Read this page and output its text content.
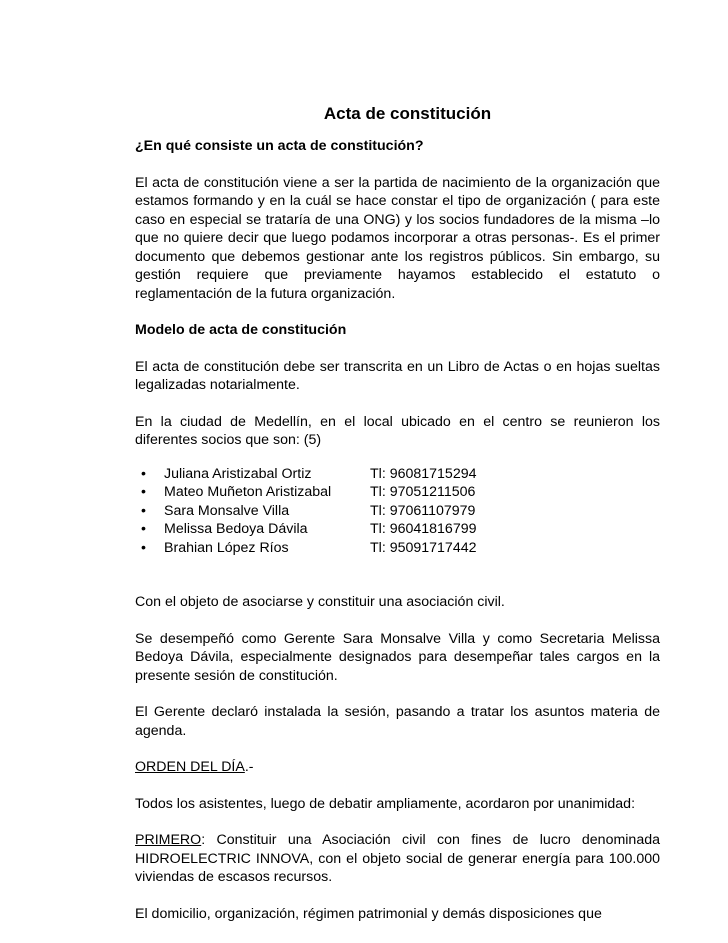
Acta de constitución
¿En qué consiste un acta de constitución?

El acta de constitución viene a ser la partida de nacimiento de la organización que estamos formando y en la cuál se hace constar el tipo de organización ( para este caso en especial se trataría de una ONG) y los socios fundadores de la misma –lo que no quiere decir que luego podamos incorporar a otras personas-. Es el primer documento que debemos gestionar ante los registros públicos. Sin embargo, su gestión requiere que previamente hayamos establecido el estatuto o reglamentación de la futura organización.

Modelo de acta de constitución

El acta de constitución debe ser transcrita en un Libro de Actas o en hojas sueltas legalizadas notarialmente.

En la ciudad de Medellín, en el local ubicado en el centro se reunieron los diferentes socios que son: (5)

•	Juliana Aristizabal Ortiz	Tl: 96081715294
•	Mateo Muñeton Aristizabal	Tl: 97051211506
•	Sara Monsalve Villa	Tl: 97061107979
•	Melissa Bedoya Dávila	Tl: 96041816799
•	Brahian López Ríos	Tl: 95091717442

Con el objeto de asociarse y constituir una asociación civil.

Se desempeñó como Gerente Sara Monsalve Villa y como Secretaria Melissa Bedoya Dávila, especialmente designados para desempeñar tales cargos en la presente sesión de constitución.

El Gerente declaró instalada la sesión, pasando a tratar los asuntos materia de agenda.

ORDEN DEL DÍA.-

Todos los asistentes, luego de debatir ampliamente, acordaron por unanimidad:

PRIMERO: Constituir una Asociación civil con fines de lucro denominada HIDROELECTRIC INNOVA, con el objeto social de generar energía para 100.000 viviendas de escasos recursos.

El domicilio, organización, régimen patrimonial y demás disposiciones que
